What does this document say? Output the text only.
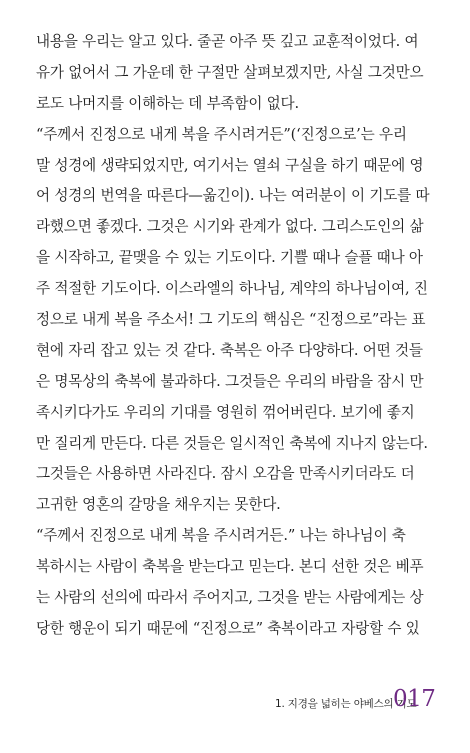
내용을 우리는 알고 있다. 줄곧 아주 뜻 깊고 교훈적이었다. 여
유가 없어서 그 가운데 한 구절만 살펴보겠지만, 사실 그것만으
로도 나머지를 이해하는 데 부족함이 없다.
“주께서 진정으로 내게 복을 주시려거든”(‘진정으로’는 우리
말 성경에 생략되었지만, 여기서는 열쇠 구실을 하기 때문에 영
어 성경의 번역을 따른다—옮긴이). 나는 여러분이 이 기도를 따
라했으면 좋겠다. 그것은 시기와 관계가 없다. 그리스도인의 삶
을 시작하고, 끝맺을 수 있는 기도이다. 기쁠 때나 슬플 때나 아
주 적절한 기도이다. 이스라엘의 하나님, 계약의 하나님이여, 진
정으로 내게 복을 주소서! 그 기도의 핵심은 “진정으로”라는 표
현에 자리 잡고 있는 것 같다. 축복은 아주 다양하다. 어떤 것들
은 명목상의 축복에 불과하다. 그것들은 우리의 바람을 잠시 만
족시키다가도 우리의 기대를 영원히 꺾어버린다. 보기에 좋지
만 질리게 만든다. 다른 것들은 일시적인 축복에 지나지 않는다.
그것들은 사용하면 사라진다. 잠시 오감을 만족시키더라도 더
고귀한 영혼의 갈망을 채우지는 못한다.
“주께서 진정으로 내게 복을 주시려거든.” 나는 하나님이 축
복하시는 사람이 축복을 받는다고 믿는다. 본디 선한 것은 베푸
는 사람의 선의에 따라서 주어지고, 그것을 받는 사람에게는 상
당한 행운이 되기 때문에 “진정으로” 축복이라고 자랑할 수 있
1. 지경을 넓히는 야베스의 기도
017
